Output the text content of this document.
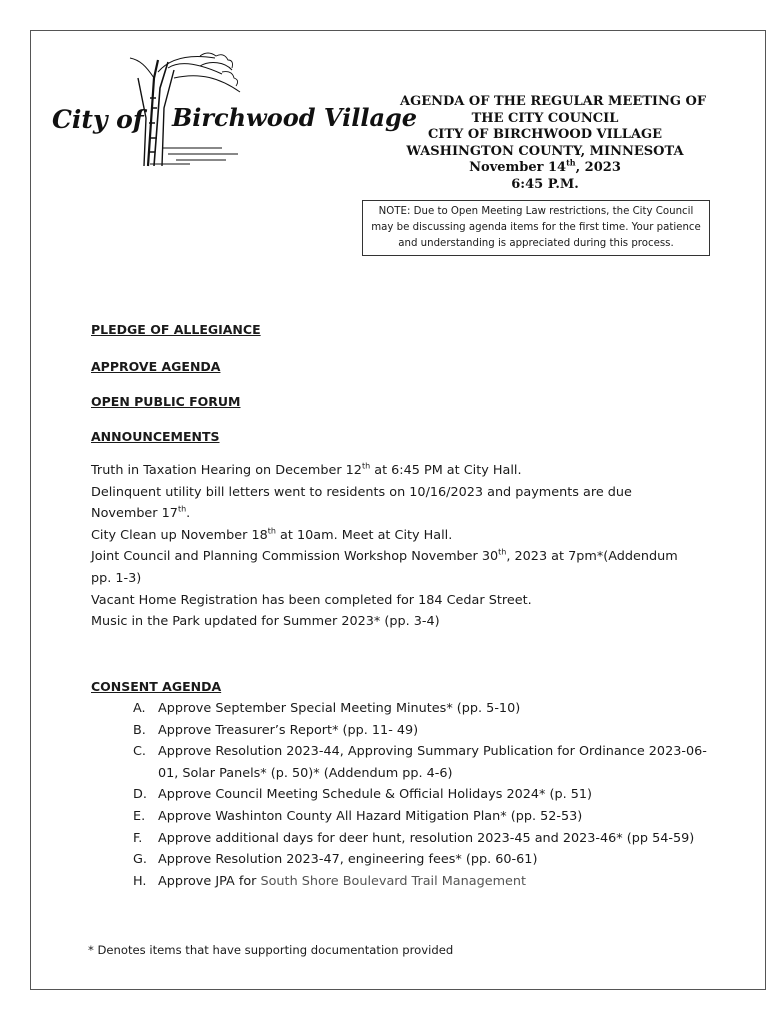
City of Birchwood Village
AGENDA OF THE REGULAR MEETING OF
THE CITY COUNCIL
CITY OF BIRCHWOOD VILLAGE
WASHINGTON COUNTY, MINNESOTA
November 14th, 2023
6:45 P.M.
NOTE: Due to Open Meeting Law restrictions, the City Council may be discussing agenda items for the first time. Your patience and understanding is appreciated during this process.
PLEDGE OF ALLEGIANCE
APPROVE AGENDA
OPEN PUBLIC FORUM
ANNOUNCEMENTS

Truth in Taxation Hearing on December 12th at 6:45 PM at City Hall.

Delinquent utility bill letters went to residents on 10/16/2023 and payments are due November 17th.

City Clean up November 18th at 10am. Meet at City Hall.

Joint Council and Planning Commission Workshop November 30th, 2023 at 7pm*(Addendum pp. 1-3)

Vacant Home Registration has been completed for 184 Cedar Street.

Music in the Park updated for Summer 2023* (pp. 3-4)

CONSENT AGENDA
A. Approve September Special Meeting Minutes* (pp. 5-10)
B. Approve Treasurer’s Report* (pp. 11- 49)
C. Approve Resolution 2023-44, Approving Summary Publication for Ordinance 2023-06-01, Solar Panels* (p. 50)* (Addendum pp. 4-6)
D. Approve Council Meeting Schedule & Official Holidays 2024* (p. 51)
E. Approve Washinton County All Hazard Mitigation Plan* (pp. 52-53)
F. Approve additional days for deer hunt, resolution 2023-45 and 2023-46* (pp 54-59)
G. Approve Resolution 2023-47, engineering fees* (pp. 60-61)
H. Approve JPA for South Shore Boulevard Trail Management
* Denotes items that have supporting documentation provided
